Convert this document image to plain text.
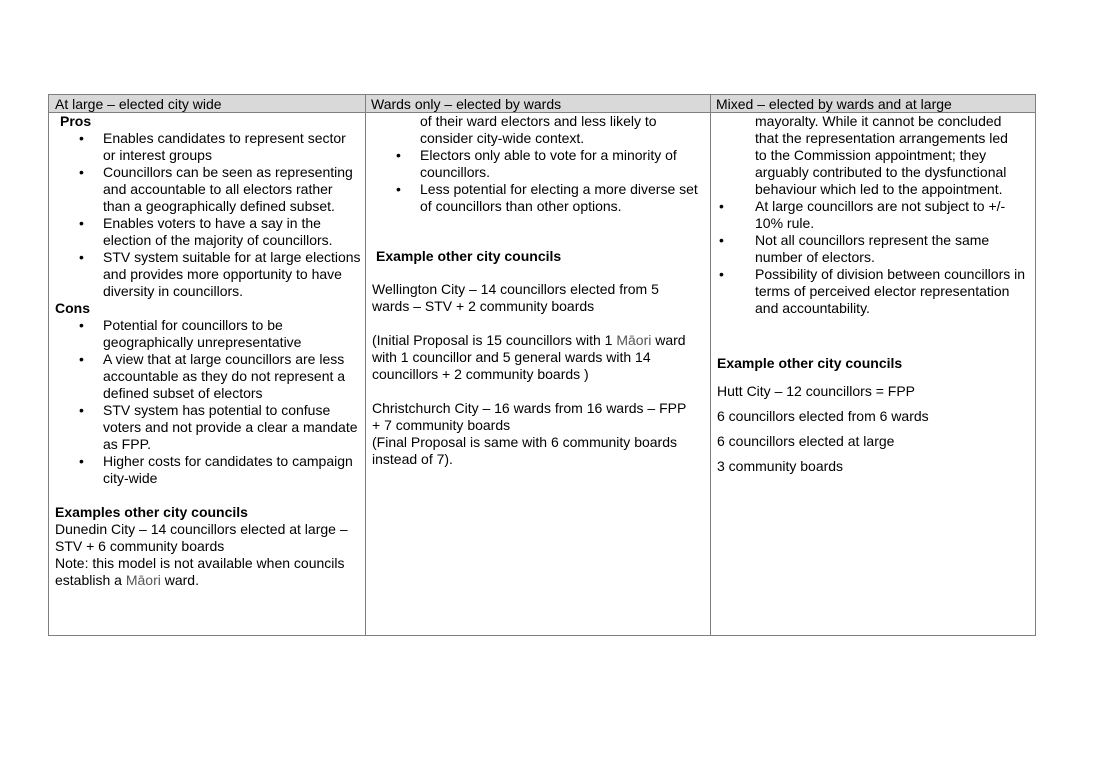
At large – elected city wide	Wards only – elected by wards	Mixed – elected by wards and at large
Pros
• Enables candidates to represent sector or interest groups
• Councillors can be seen as representing and accountable to all electors rather than a geographically defined subset.
• Enables voters to have a say in the election of the majority of councillors.
• STV system suitable for at large elections and provides more opportunity to have diversity in councillors.
Cons
• Potential for councillors to be geographically unrepresentative
• A view that at large councillors are less accountable as they do not represent a defined subset of electors
• STV system has potential to confuse voters and not provide a clear a mandate as FPP.
• Higher costs for candidates to campaign city-wide
Examples other city councils
Dunedin City – 14 councillors elected at large –
STV + 6 community boards
Note: this model is not available when councils
establish a Māori ward.
of their ward electors and less likely to consider city-wide context.
• Electors only able to vote for a minority of councillors.
• Less potential for electing a more diverse set of councillors than other options.
Example other city councils
Wellington City – 14 councillors elected from 5
wards – STV + 2 community boards
(Initial Proposal is 15 councillors with 1 Māori ward
with 1 councillor and 5 general wards with 14
councillors + 2 community boards )
Christchurch City – 16 wards from 16 wards – FPP
+ 7 community boards
(Final Proposal is same with 6 community boards
instead of 7).
mayoralty. While it cannot be concluded
that the representation arrangements led
to the Commission appointment; they
arguably contributed to the dysfunctional
behaviour which led to the appointment.
• At large councillors are not subject to +/- 10% rule.
• Not all councillors represent the same number of electors.
• Possibility of division between councillors in terms of perceived elector representation and accountability.
Example other city councils
Hutt City – 12 councillors = FPP
6 councillors elected from 6 wards
6 councillors elected at large
3 community boards
